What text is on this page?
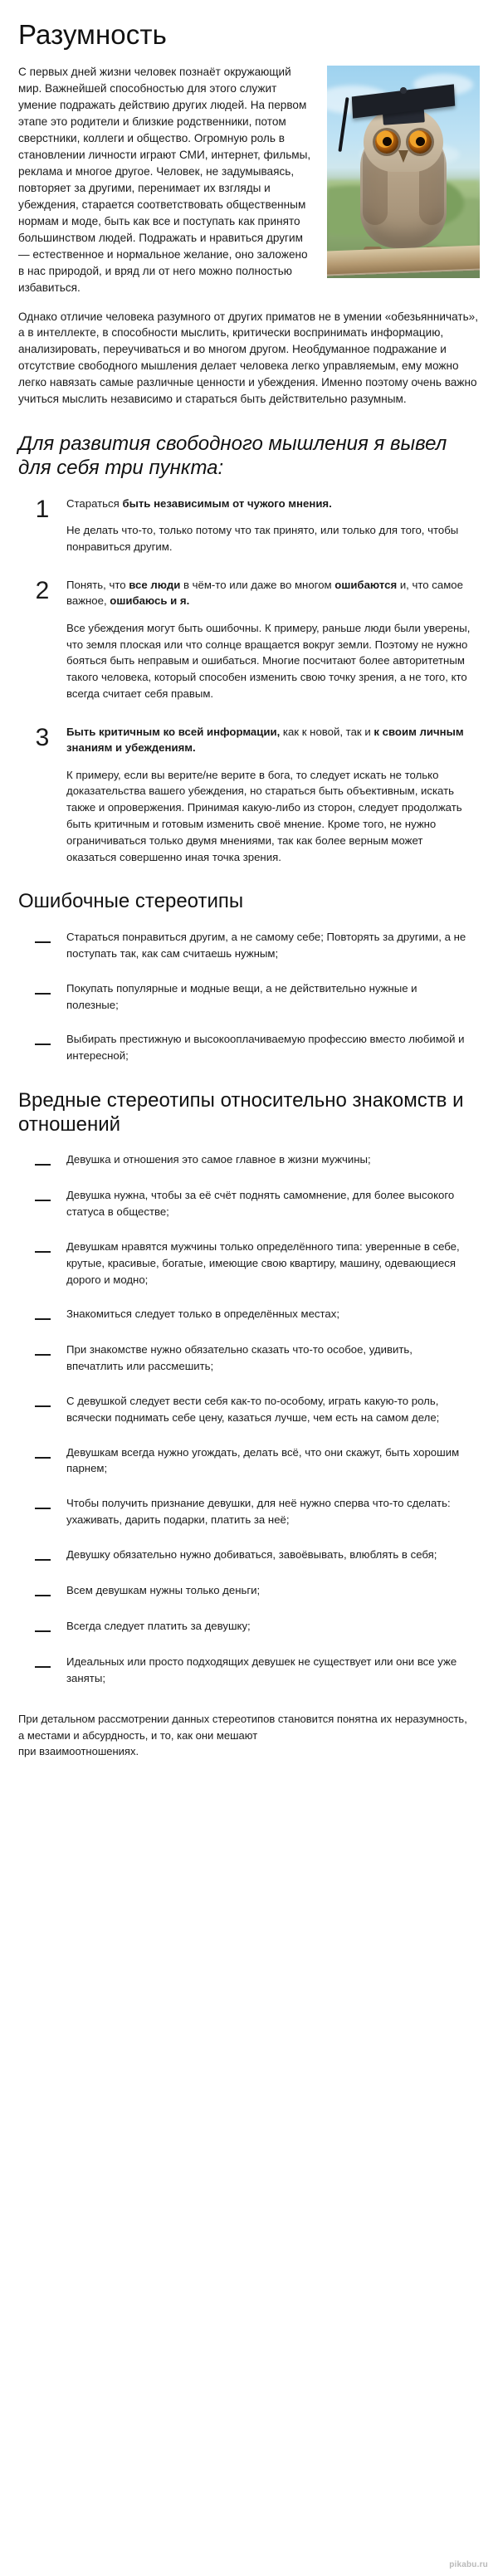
Разумность

С первых дней жизни человек познаёт окружающий мир. Важнейшей способностью для этого служит умение подражать действию других людей. На первом этапе это родители и близкие родственники, потом сверстники, коллеги и общество. Огромную роль в становлении личности играют СМИ, интернет, фильмы, реклама и многое другое. Человек, не задумываясь, повторяет за другими, перенимает их взгляды и убеждения, старается соответствовать общественным нормам и моде, быть как все и поступать как принято большинством людей. Подражать и нравиться другим — естественное и нормальное желание, оно заложено в нас природой, и вряд ли от него можно полностью избавиться.

Однако отличие человека разумного от других приматов не в умении «обезьянничать», а в интеллекте, в способности мыслить, критически воспринимать информацию, анализировать, переучиваться и во многом другом. Необдуманное подражание и отсутствие свободного мышления делает человека легко управляемым, ему можно легко навязать самые различные ценности и убеждения. Именно поэтому очень важно учиться мыслить независимо и стараться быть действительно разумным.

Для развития свободного мышления я вывел для себя три пункта:
1	Стараться быть независимым от чужого мнения.

Не делать что-то, только потому что так принято, или только для того, чтобы понравиться другим.

2	Понять, что все люди в чём-то или даже во многом ошибаются и, что самое важное, ошибаюсь и я.

Все убеждения могут быть ошибочны. К примеру, раньше люди были уверены, что земля плоская или что солнце вращается вокруг земли. Поэтому не нужно бояться быть неправым и ошибаться. Многие посчитают более авторитетным такого человека, который способен изменить свою точку зрения, а не того, кто всегда считает себя правым.

3	Быть критичным ко всей информации, как к новой, так и к своим личным знаниям и убеждениям.

К примеру, если вы верите/не верите в бога, то следует искать не только доказательства вашего убеждения, но стараться быть объективным, искать также и опровержения. Принимая какую-либо из сторон, следует продолжать быть критичным и готовым изменить своё мнение. Кроме того, не нужно ограничиваться только двумя мнениями, так как более верным может оказаться совершенно иная точка зрения.

Ошибочные стереотипы
Стараться понравиться другим, а не самому себе; Повторять за другими, а не поступать так, как сам считаешь нужным;
Покупать популярные и модные вещи, а не действительно нужные и полезные;
Выбирать престижную и высокооплачиваемую профессию вместо любимой и интересной;
Вредные стереотипы относительно знакомств и отношений
Девушка и отношения это самое главное в жизни мужчины;
Девушка нужна, чтобы за её счёт поднять самомнение, для более высокого статуса в обществе;
Девушкам нравятся мужчины только определённого типа: уверенные в себе, крутые, красивые, богатые, имеющие свою квартиру, машину, одевающиеся дорого и модно;
Знакомиться следует только в определённых местах;
При знакомстве нужно обязательно сказать что-то особое, удивить, впечатлить или рассмешить;
С девушкой следует вести себя как-то по-особому, играть какую-то роль, всячески поднимать себе цену, казаться лучше, чем есть на самом деле;
Девушкам всегда нужно угождать, делать всё, что они скажут, быть хорошим парнем;
Чтобы получить признание девушки, для неё нужно сперва что-то сделать: ухаживать, дарить подарки, платить за неё;
Девушку обязательно нужно добиваться, завоёвывать, влюблять в себя;
Всем девушкам нужны только деньги;
Всегда следует платить за девушку;
Идеальных или просто подходящих девушек не существует или они все уже заняты;

При детальном рассмотрении данных стереотипов становится понятна их неразумность,

а местами и абсурдность, и то, как они мешают

при взаимоотношениях.

pikabu.ru
